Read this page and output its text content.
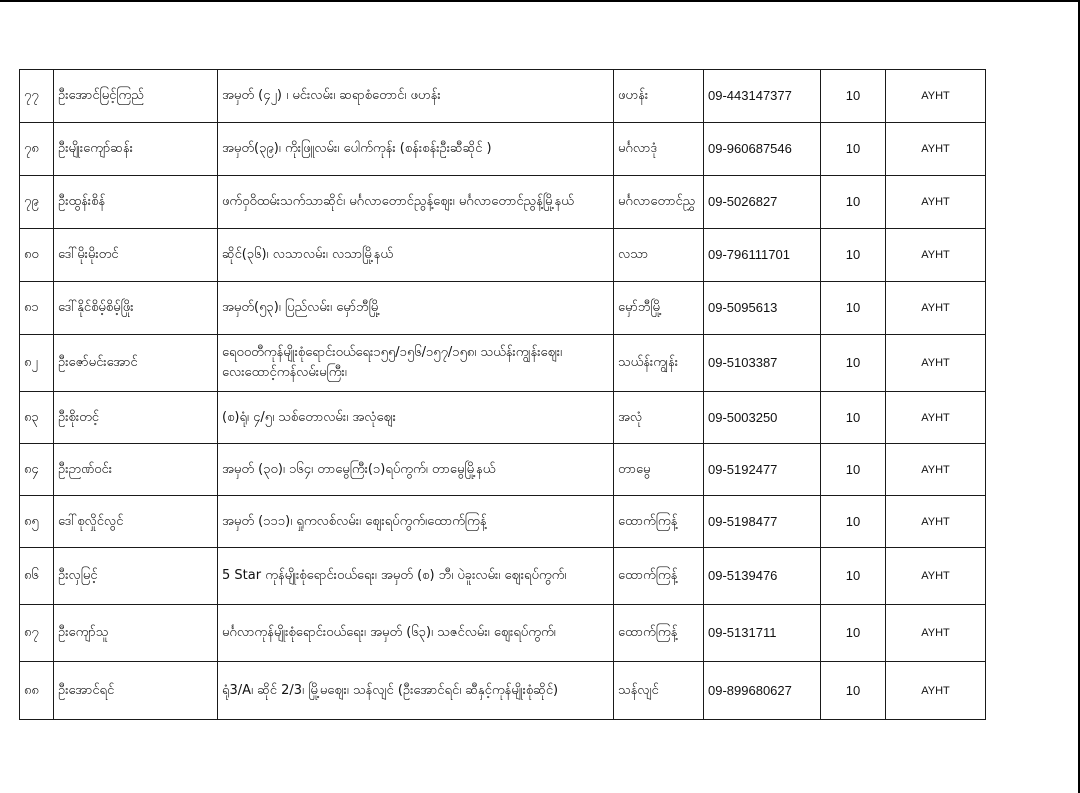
၇၇	ဦးအောင်မြင့်ကြည်	အမှတ် (၄၂) ၊ မင်းလမ်း၊ ဆရာစံတောင်၊ ဖဟန်း	ဖဟန်း	09-443147377	10	AYHT
၇၈	ဦးမျိုးကျော်ဆန်း	အမှတ်(၃၉)၊ ကိုးဖြူလမ်း၊ ပေါက်ကုန်း (စန်းစန်းဦးဆီဆိုင် )	မင်္ဂလာဒုံ	09-960687546	10	AYHT
၇၉	ဦးထွန်းစိန်	ဖက်ဝှဝိထမ်းသက်သာဆိုင်၊ မင်္ဂလာတောင်ညွန့်ဈေး၊ မင်္ဂလာတောင်ညွန့်မြို့နယ်	မင်္ဂလာတောင်ညွှ	09-5026827	10	AYHT
၈၀	ဒေါ်မိုးမိုးတင်	ဆိုင်(၃၆)၊ လသာလမ်း၊ လသာမြို့နယ်	လသာ	09-796111701	10	AYHT
၈၁	ဒေါ်နိုင်စိမ့်စိမ့်ဖြိုး	အမှတ်(၅၃)၊ ပြည်လမ်း၊ မှော်ဘီမြို့	မှော်ဘီမြို့	09-5095613	10	AYHT
၈၂	ဦးဇော်မင်းအောင်	ရေဝဝတီကုန်မျိုးစုံရောင်းဝယ်ရေး၁၅၅/၁၅၆/၁၅၇/၁၅၈၊ သယ်န်းကျွန်းဈေး၊ လေးထောင့်ကန်လမ်းမကြီး၊	သယ်န်းကျွန်း	09-5103387	10	AYHT
၈၃	ဦးစိုးတင့်	(စ)ရုံ၊ ၄/၅၊ သစ်တောလမ်း၊ အလုံဈေး	အလုံ	09-5003250	10	AYHT
၈၄	ဦးဉာဏ်ဝင်း	အမှတ် (၃၀)၊ ၁၆၄၊ တာမွေကြီး(၁)ရပ်ကွက်၊ တာမွေမြို့နယ်	တာမွေ	09-5192477	10	AYHT
၈၅	ဒေါ်စုလှိုင်လွင်	အမှတ် (၁၁၁)၊ ရှုကလစ်လမ်း၊ ဈေးရပ်ကွက်၊ထောက်ကြန့်	ထောက်ကြန့်	09-5198477	10	AYHT
၈၆	ဦးလှမြင့်	5 Star ကုန်မျိုးစုံရောင်းဝယ်ရေး၊ အမှတ် (စ) ဘီ၊ ပဲခူးလမ်း၊ ဈေးရပ်ကွက်၊	ထောက်ကြန့်	09-5139476	10	AYHT
၈၇	ဦးကျော်သူ	မင်္ဂလာကုန်မျိုးစုံရောင်းဝယ်ရေး၊ အမှတ် (၆၃)၊ သဇင်လမ်း၊ ဈေးရပ်ကွက်၊	ထောက်ကြန့်	09-5131711	10	AYHT
၈၈	ဦးအောင်ရင်	ရုံ3/A၊ ဆိုင် 2/3၊ မြို့မဈေး၊ သန်လျင် (ဦးအောင်ရင်၊ ဆီနှင့်ကုန်မျိုးစုံဆိုင်)	သန်လျင်	09-899680627	10	AYHT
